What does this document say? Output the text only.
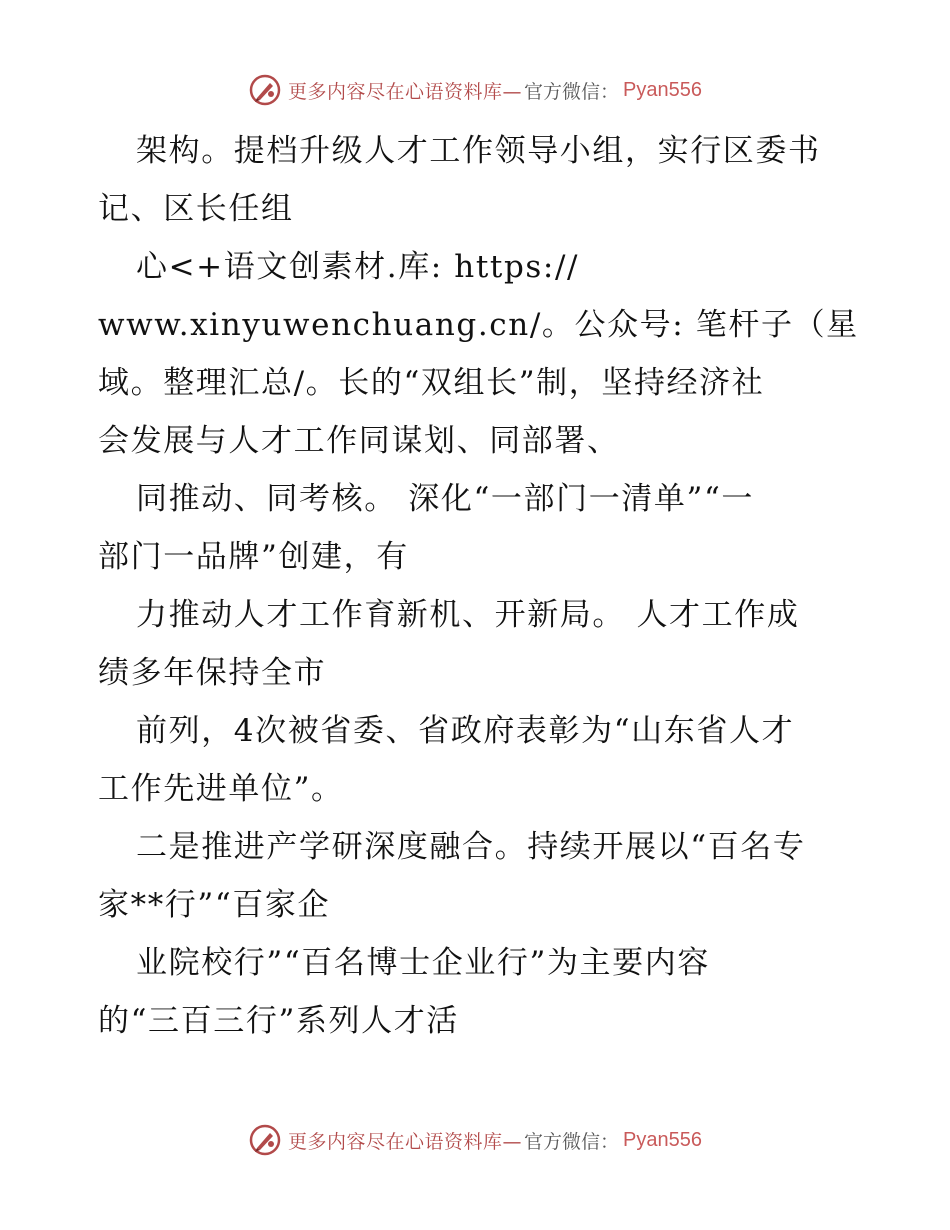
更多内容尽在心语资料库— 官方微信： Pyan556
架构。提档升级人才工作领导小组，实行区委书
记、区长任组
心<+语文创素材.库: https://
www.xinyuwenchuang.cn/。公众号: 笔杆子（星
域。整理汇总/。长的“双组长”制，坚持经济社
会发展与人才工作同谋划、同部署、
同推动、同考核。 深化“一部门一清单”“一
部门一品牌”创建，有
力推动人才工作育新机、开新局。 人才工作成
绩多年保持全市
前列，4次被省委、省政府表彰为“山东省人才
工作先进单位”。
二是推进产学研深度融合。持续开展以“百名专
家**行”“百家企
业院校行”“百名博士企业行”为主要内容
的“三百三行”系列人才活
更多内容尽在心语资料库— 官方微信： Pyan556
